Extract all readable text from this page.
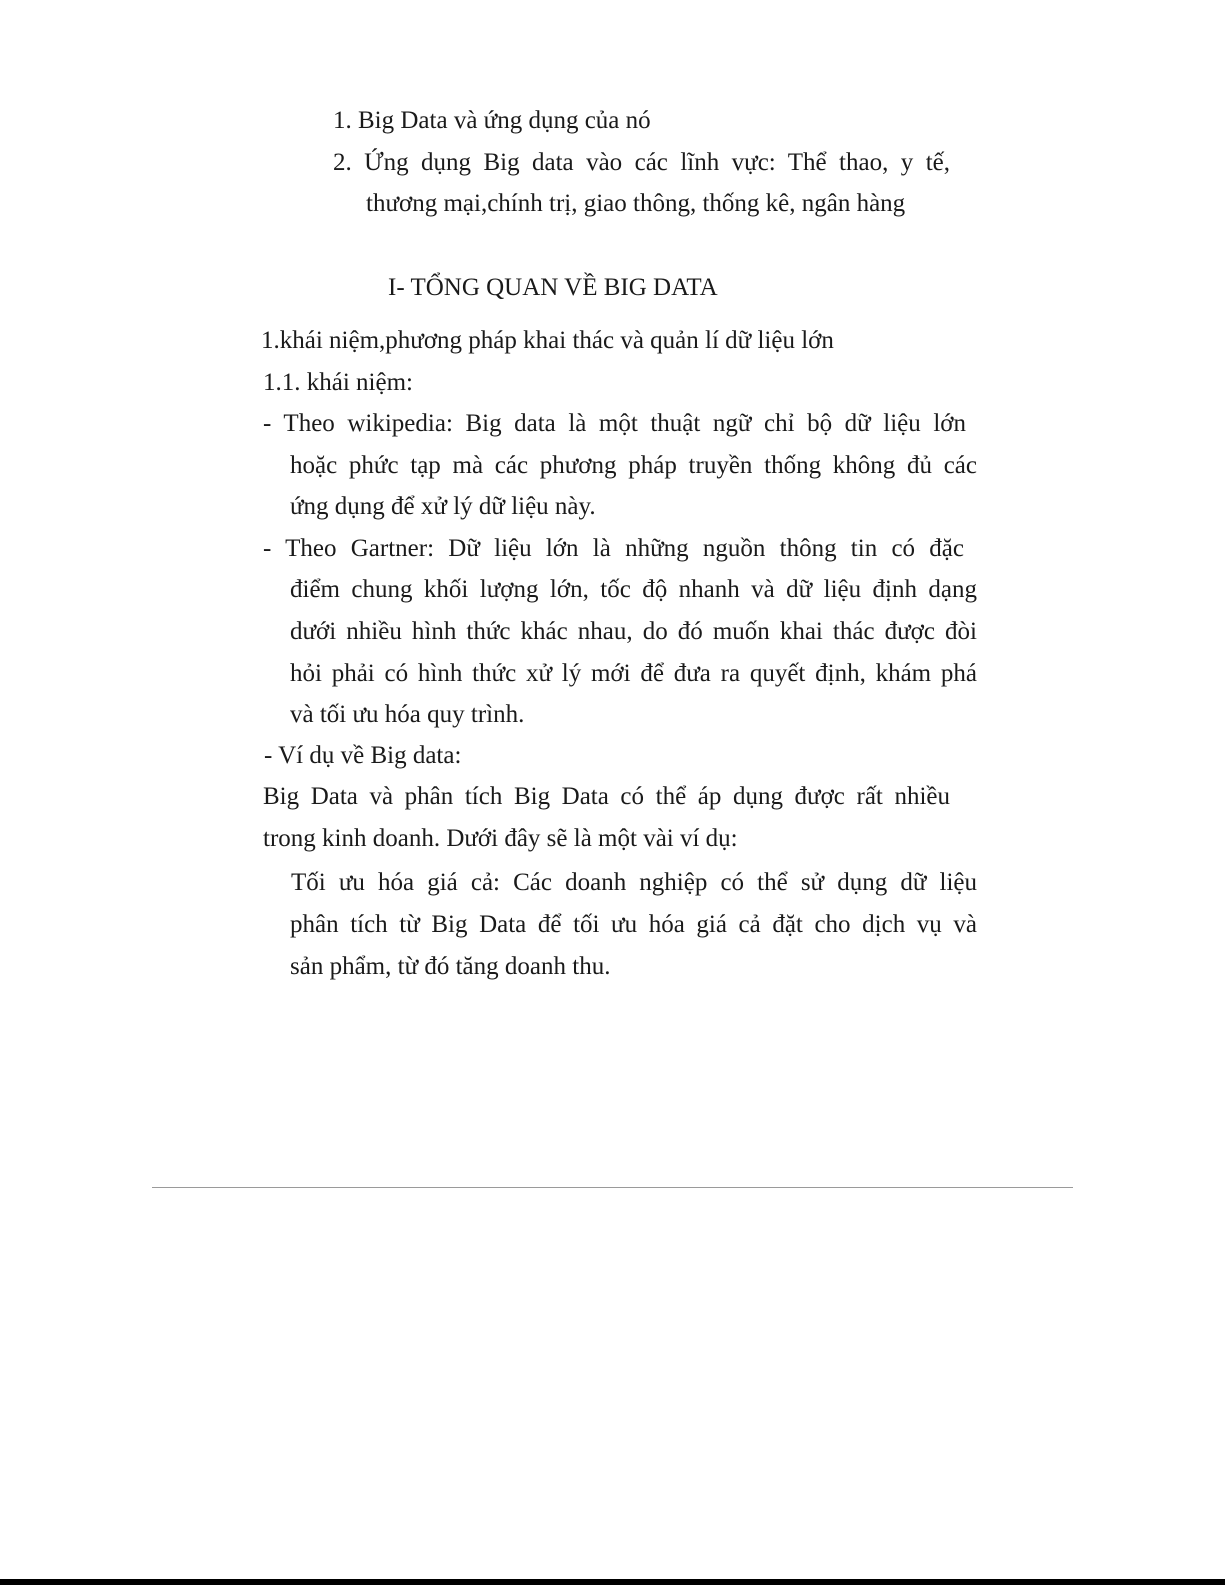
1. Big Data và ứng dụng của nó
2. Ứng dụng Big data vào các lĩnh vực: Thể thao, y tế,
thương mại,chính trị, giao thông, thống kê, ngân hàng
I- TỔNG QUAN VỀ BIG DATA
1.khái niệm,phương pháp khai thác và quản lí dữ liệu lớn
1.1. khái niệm:
- Theo wikipedia: Big data là một thuật ngữ chỉ bộ dữ liệu lớn
hoặc phức tạp mà các phương pháp truyền thống không đủ các
ứng dụng để xử lý dữ liệu này.
- Theo Gartner: Dữ liệu lớn là những nguồn thông tin có đặc
điểm chung khối lượng lớn, tốc độ nhanh và dữ liệu định dạng
dưới nhiều hình thức khác nhau, do đó muốn khai thác được đòi
hỏi phải có hình thức xử lý mới để đưa ra quyết định, khám phá
và tối ưu hóa quy trình.
- Ví dụ về Big data:
Big Data và phân tích Big Data có thể áp dụng được rất nhiều
trong kinh doanh. Dưới đây sẽ là một vài ví dụ:
Tối ưu hóa giá cả: Các doanh nghiệp có thể sử dụng dữ liệu
phân tích từ Big Data để tối ưu hóa giá cả đặt cho dịch vụ và
sản phẩm, từ đó tăng doanh thu.
